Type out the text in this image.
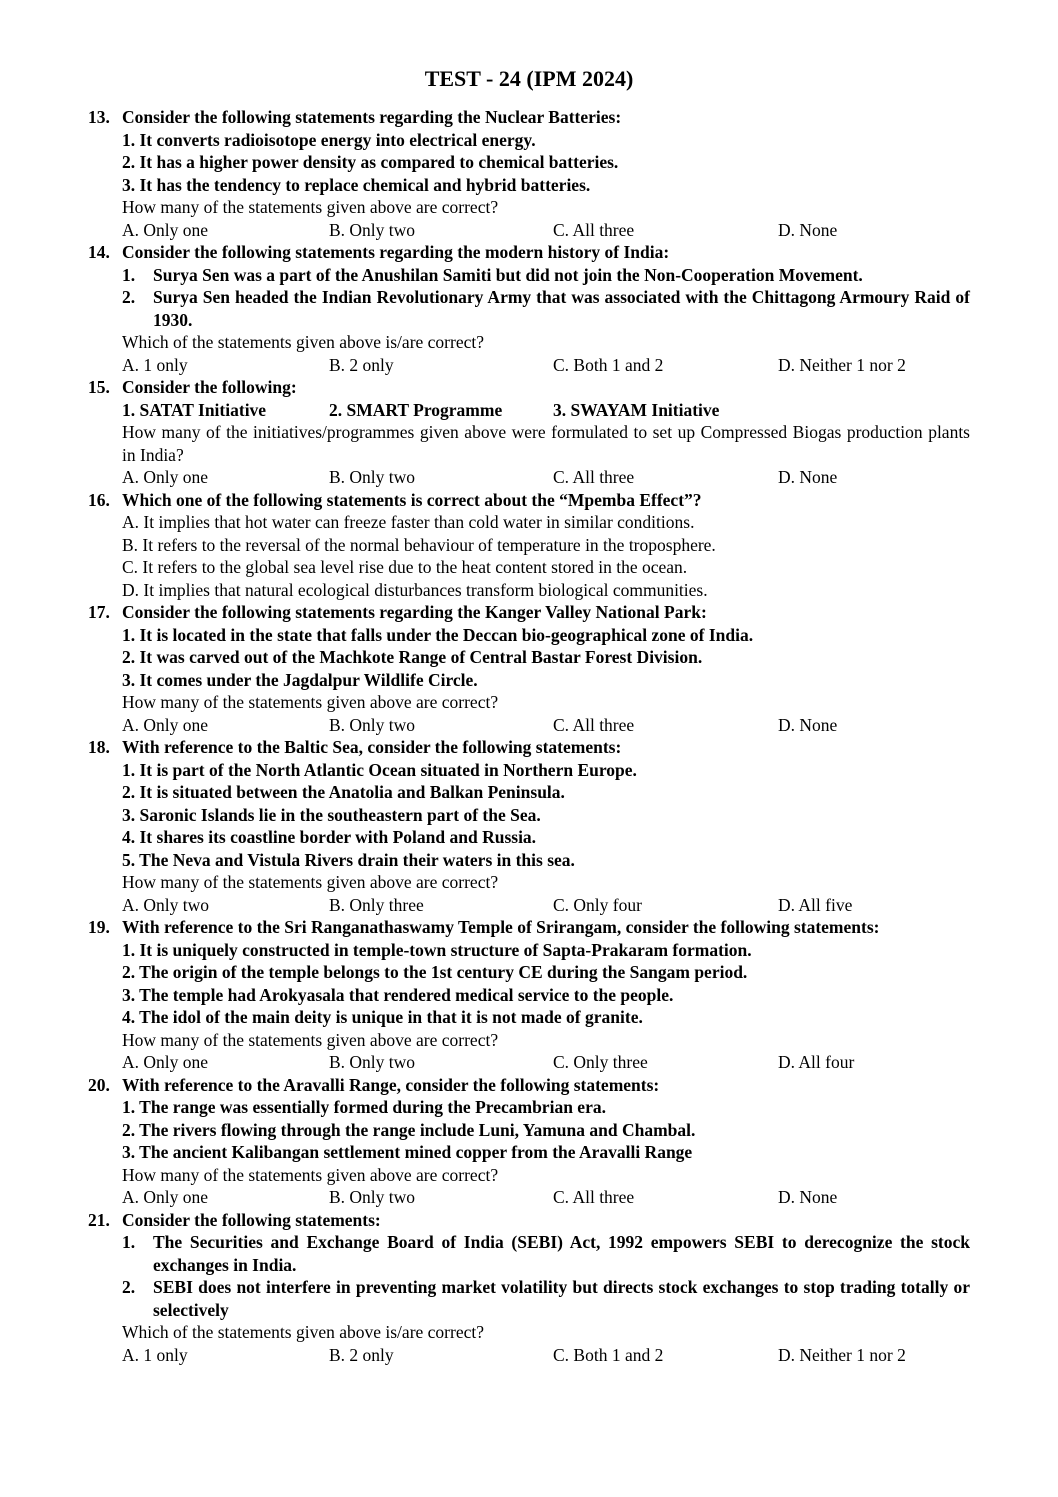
TEST - 24 (IPM 2024)
13. Consider the following statements regarding the Nuclear Batteries:
1. It converts radioisotope energy into electrical energy.
2. It has a higher power density as compared to chemical batteries.
3. It has the tendency to replace chemical and hybrid batteries.
How many of the statements given above are correct?
A. Only one	B. Only two	C. All three	D. None
14. Consider the following statements regarding the modern history of India:
1.	Surya Sen was a part of the Anushilan Samiti but did not join the Non-Cooperation Movement.
2.	Surya Sen headed the Indian Revolutionary Army that was associated with the Chittagong Armoury Raid of 1930.
Which of the statements given above is/are correct?
A. 1 only	B. 2 only	C. Both 1 and 2	D. Neither 1 nor 2
15. Consider the following:
1. SATAT Initiative	2. SMART Programme	3. SWAYAM Initiative
How many of the initiatives/programmes given above were formulated to set up Compressed Biogas production plants in India?
A. Only one	B. Only two	C. All three	D. None
16. Which one of the following statements is correct about the “Mpemba Effect”?
A. It implies that hot water can freeze faster than cold water in similar conditions.
B. It refers to the reversal of the normal behaviour of temperature in the troposphere.
C. It refers to the global sea level rise due to the heat content stored in the ocean.
D. It implies that natural ecological disturbances transform biological communities.
17. Consider the following statements regarding the Kanger Valley National Park:
1. It is located in the state that falls under the Deccan bio-geographical zone of India.
2. It was carved out of the Machkote Range of Central Bastar Forest Division.
3. It comes under the Jagdalpur Wildlife Circle.
How many of the statements given above are correct?
A. Only one	B. Only two	C. All three	D. None
18. With reference to the Baltic Sea, consider the following statements:
1. It is part of the North Atlantic Ocean situated in Northern Europe.
2. It is situated between the Anatolia and Balkan Peninsula.
3. Saronic Islands lie in the southeastern part of the Sea.
4. It shares its coastline border with Poland and Russia.
5. The Neva and Vistula Rivers drain their waters in this sea.
How many of the statements given above are correct?
A. Only two	B. Only three	C. Only four	D. All five
19. With reference to the Sri Ranganathaswamy Temple of Srirangam, consider the following statements:
1. It is uniquely constructed in temple-town structure of Sapta-Prakaram formation.
2. The origin of the temple belongs to the 1st century CE during the Sangam period.
3. The temple had Arokyasala that rendered medical service to the people.
4. The idol of the main deity is unique in that it is not made of granite.
How many of the statements given above are correct?
A. Only one	B. Only two	C. Only three	D. All four
20. With reference to the Aravalli Range, consider the following statements:
1. The range was essentially formed during the Precambrian era.
2. The rivers flowing through the range include Luni, Yamuna and Chambal.
3. The ancient Kalibangan settlement mined copper from the Aravalli Range
How many of the statements given above are correct?
A. Only one	B. Only two	C. All three	D. None
21. Consider the following statements:
1.	The Securities and Exchange Board of India (SEBI) Act, 1992 empowers SEBI to derecognize the stock exchanges in India.
2.	SEBI does not interfere in preventing market volatility but directs stock exchanges to stop trading totally or selectively
Which of the statements given above is/are correct?
A. 1 only	B. 2 only	C. Both 1 and 2	D. Neither 1 nor 2
